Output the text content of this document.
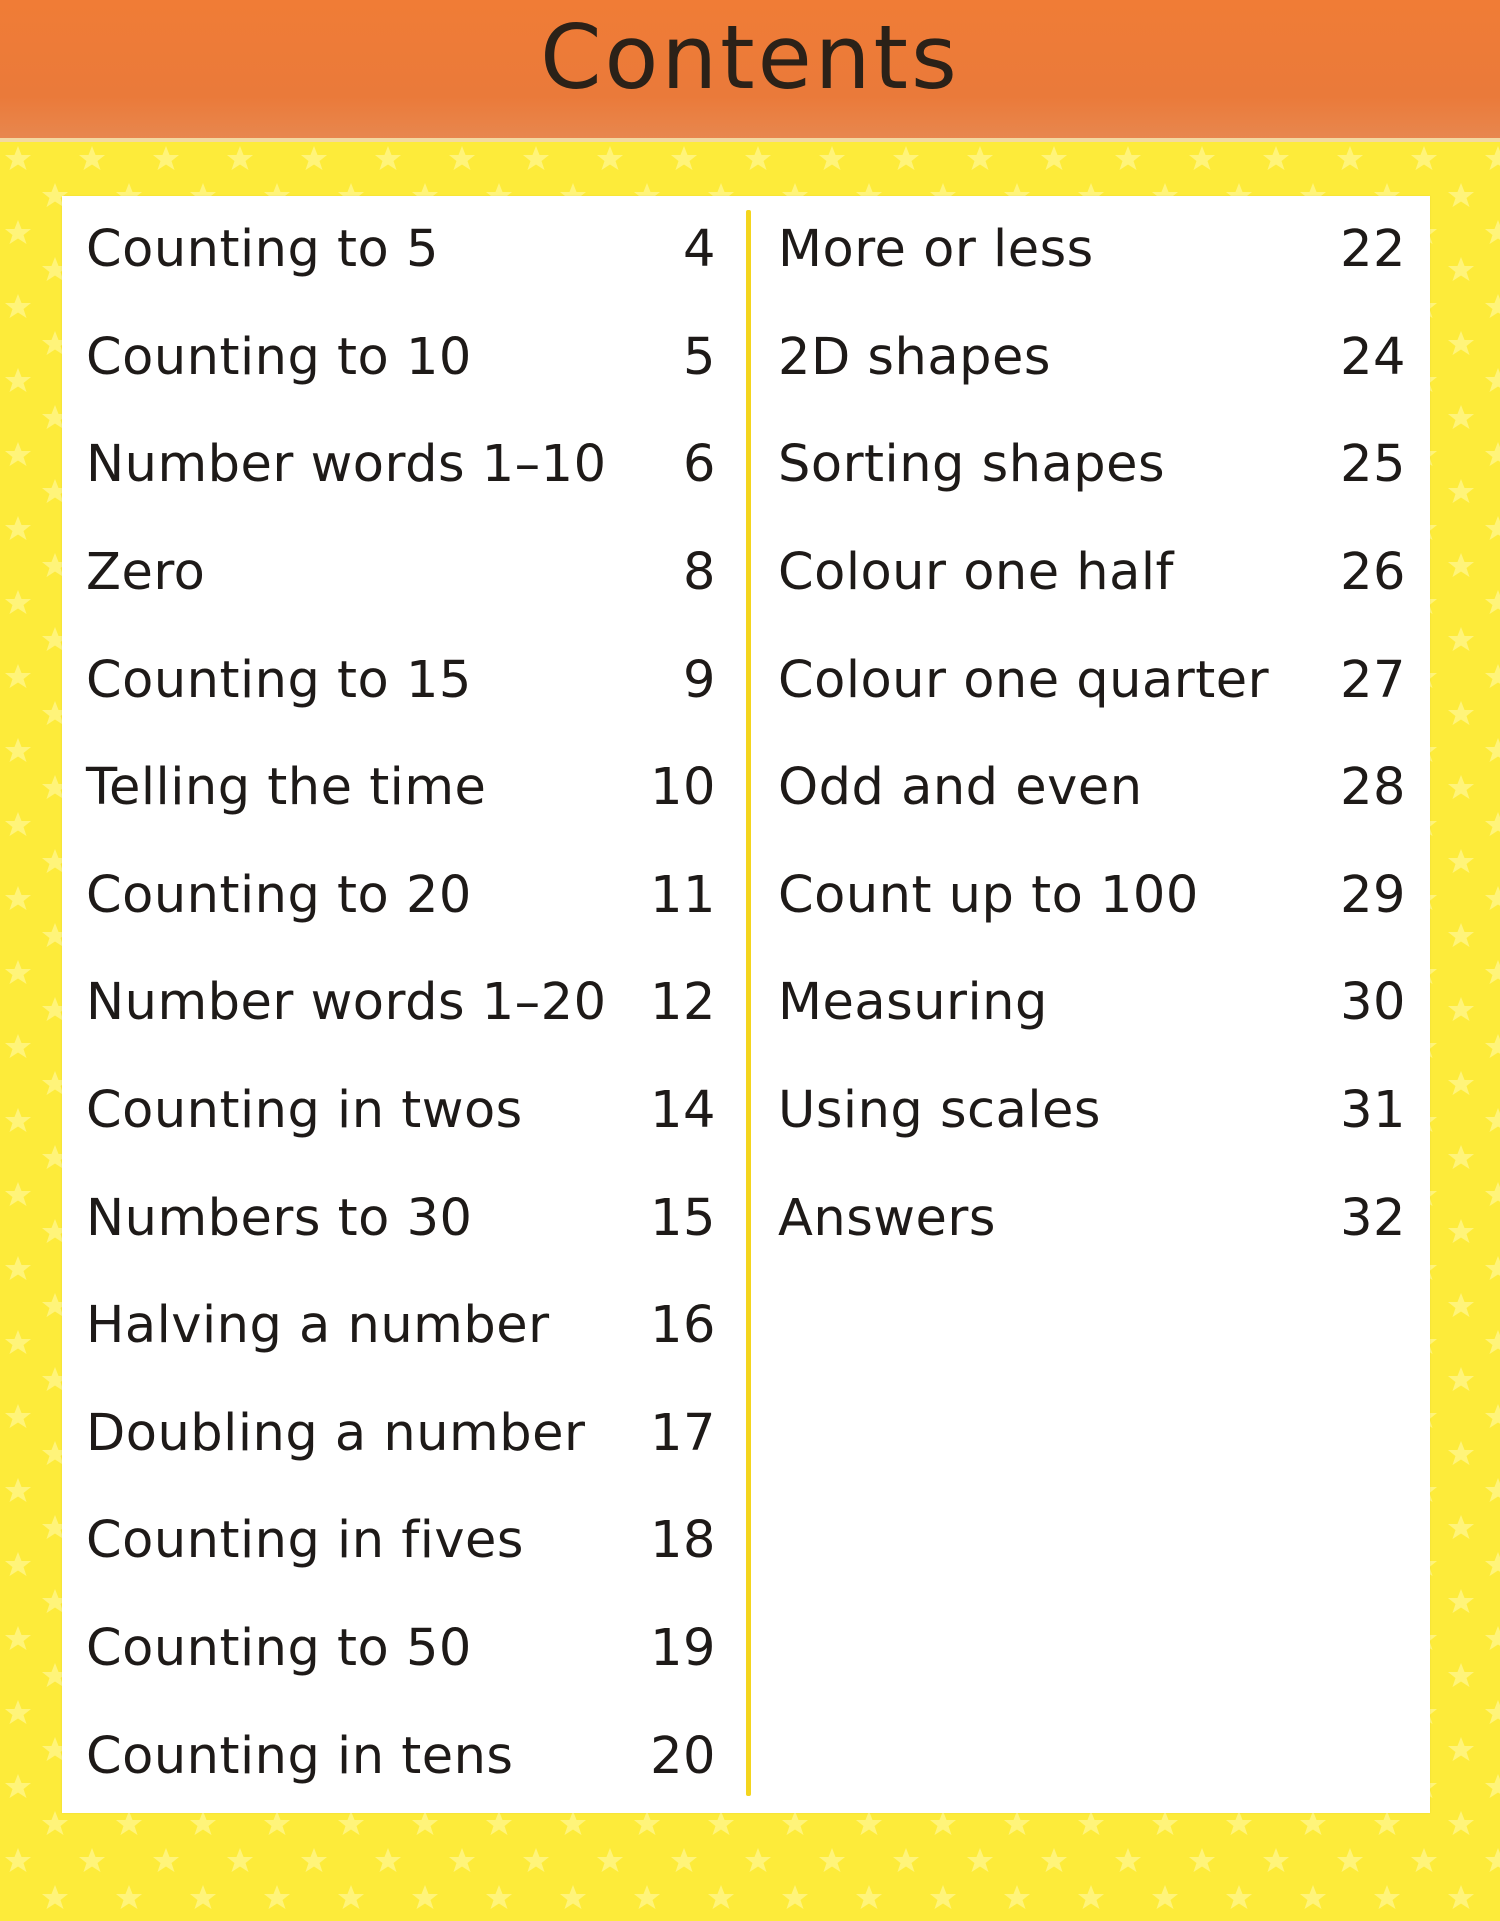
Contents
Counting to 5	4
Counting to 10	5
Number words 1–10 6
Zero	8
Counting to 15	9
Telling the time	10
Counting to 20	11
Number words 1–20 12
Counting in twos 14
Numbers to 30	15
Halving a number 16
Doubling a number 17
Counting in fives 18
Counting to 50	19
Counting in tens	20
More or less	22
2D shapes	24
Sorting shapes	25
Colour one half	26
Colour one quarter 27
Odd and even	28
Count up to 100	29
Measuring	30
Using scales	31
Answers	32
